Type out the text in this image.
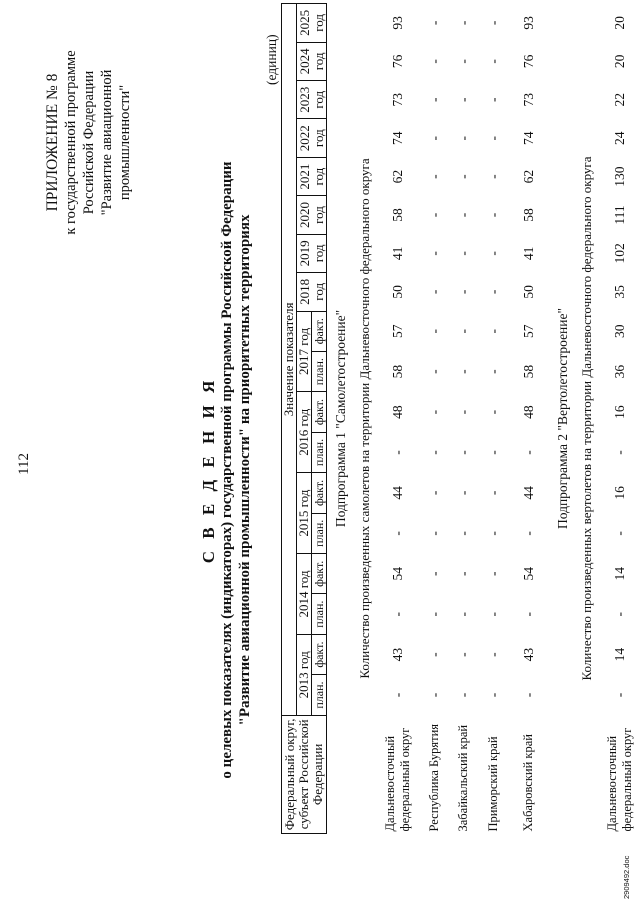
112
ПРИЛОЖЕНИЕ № 8 к государственной программе Российской Федерации "Развитие авиационной промышленности"
С В Е Д Е Н И Я о целевых показателях (индикаторах) государственной программы Российской Федерации "Развитие авиационной промышленности" на приоритетных территориях
(единиц)
Федеральный округ, субъект Российской Федерации	Значение показателя																	
	2013 год		2014 год		2015 год		2016 год		2017 год		2018 год	2019 год	2020 год	2021 год	2022 год	2023 год	2024 год	2025 год
	план.	факт.	план.	факт.	план.	факт.	план.	факт.	план.	факт.								
Подпрограмма 1 "Самолетостроение"																		
Количество произведенных самолетов на территории Дальневосточного федерального округа																		
Дальневосточный федеральный округ	-	43	-	54	-	44	-	48	58	57	50	41	58	62	74	73	76	93
Республика Бурятия	-	-	-	-	-	-	-	-	-	-	-	-	-	-	-	-	-	-
Забайкальский край	-	-	-	-	-	-	-	-	-	-	-	-	-	-	-	-	-	-
Приморский край	-	-	-	-	-	-	-	-	-	-	-	-	-	-	-	-	-	-
Хабаровский край	-	43	-	54	-	44	-	48	58	57	50	41	58	62	74	73	76	93
Подпрограмма 2 "Вертолетостроение"																		
Количество произведенных вертолетов на территории Дальневосточного федерального округа																		
Дальневосточный федеральный округ	-	14	-	14	-	16	-	16	36	30	35	102	111	130	24	22	20	20
2909492.doc
